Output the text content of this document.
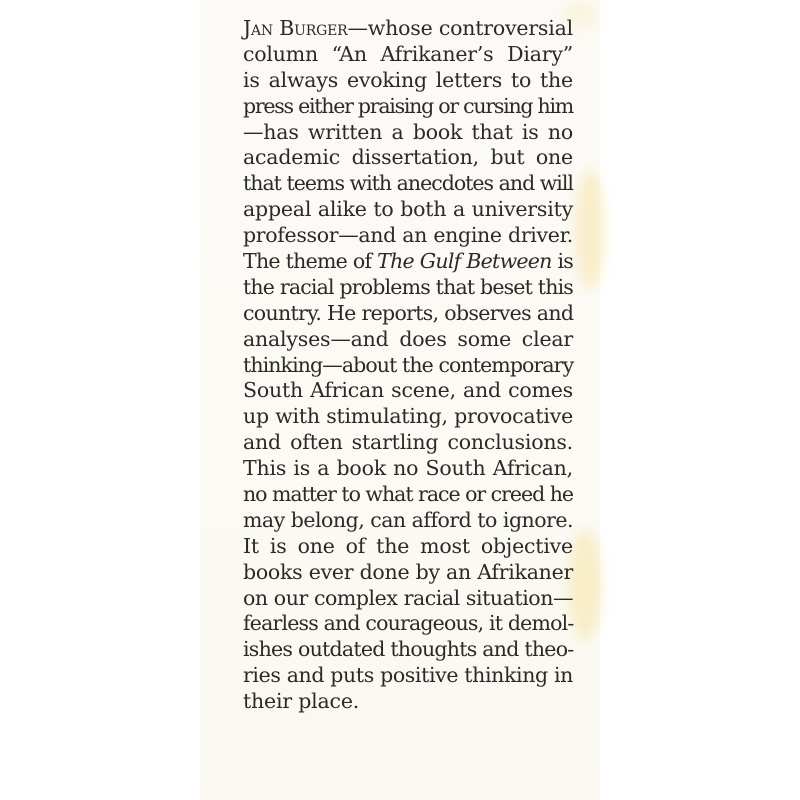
Jan Burger—whose controversial
column “An Afrikaner’s Diary”
is always evoking letters to the
press either praising or cursing him
—has written a book that is no
academic dissertation, but one
that teems with anecdotes and will
appeal alike to both a university
professor—and an engine driver.
The theme of The Gulf Between is
the racial problems that beset this
country. He reports, observes and
analyses—and does some clear
thinking—about the contemporary
South African scene, and comes
up with stimulating, provocative
and often startling conclusions.
This is a book no South African,
no matter to what race or creed he
may belong, can afford to ignore.
It is one of the most objective
books ever done by an Afrikaner
on our complex racial situation—
fearless and courageous, it demol-
ishes outdated thoughts and theo-
ries and puts positive thinking in
their place.
